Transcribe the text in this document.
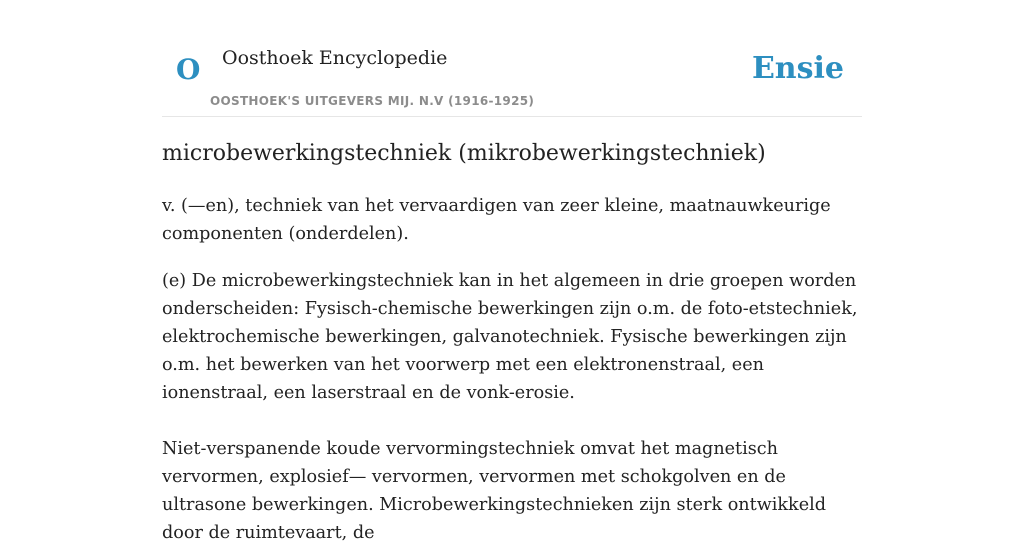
O Oosthoek Encyclopedie
OOSTHOEK'S UITGEVERS MIJ. N.V (1916-1925)
Ensie
microbewerkingstechniek (mikrobewerkingstechniek)

v. (—en), techniek van het vervaardigen van zeer kleine, maatnauwkeurige componenten (onderdelen).

(e) De microbewerkingstechniek kan in het algemeen in drie groepen worden onderscheiden: Fysisch-chemische bewerkingen zijn o.m. de foto-etstechniek, elektrochemische bewerkingen, galvanotechniek. Fysische bewerkingen zijn o.m. het bewerken van het voorwerp met een elektronenstraal, een ionenstraal, een laserstraal en de vonk-erosie.

Niet-verspanende koude vervormingstechniek omvat het magnetisch vervormen, explosief— vervormen, vervormen met schokgolven en de ultrasone bewerkingen. Microbewerkingstechnieken zijn sterk ontwikkeld door de ruimtevaart, de
